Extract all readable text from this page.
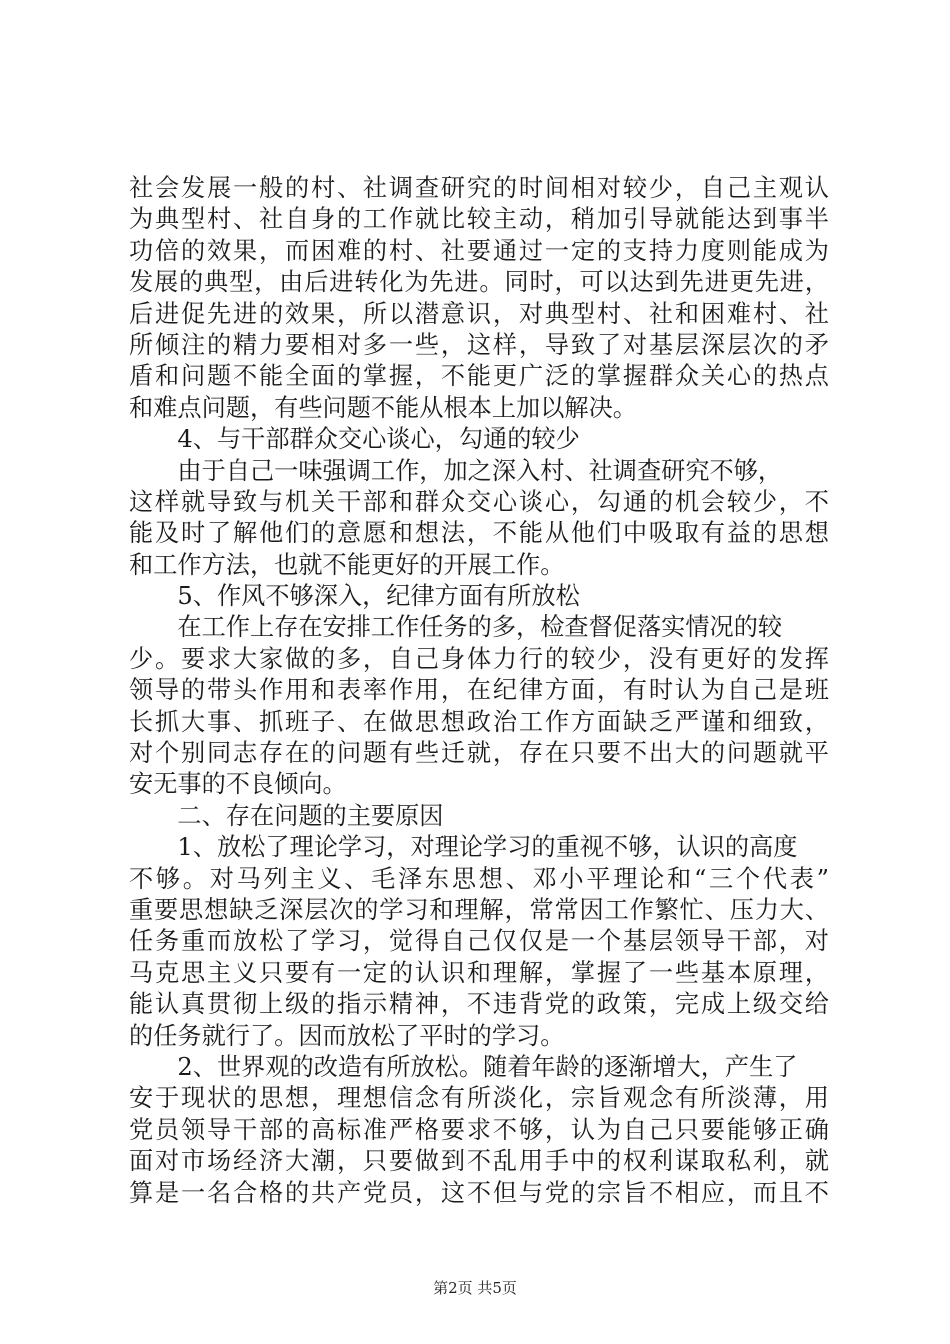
社会发展一般的村、社调查研究的时间相对较少，自己主观认
为典型村、社自身的工作就比较主动，稍加引导就能达到事半
功倍的效果，而困难的村、社要通过一定的支持力度则能成为
发展的典型，由后进转化为先进。同时，可以达到先进更先进，
后进促先进的效果，所以潜意识，对典型村、社和困难村、社
所倾注的精力要相对多一些，这样，导致了对基层深层次的矛
盾和问题不能全面的掌握，不能更广泛的掌握群众关心的热点
和难点问题，有些问题不能从根本上加以解决。
　　4、与干部群众交心谈心，勾通的较少
　　由于自己一味强调工作，加之深入村、社调查研究不够，
这样就导致与机关干部和群众交心谈心，勾通的机会较少，不
能及时了解他们的意愿和想法，不能从他们中吸取有益的思想
和工作方法，也就不能更好的开展工作。
　　5、作风不够深入，纪律方面有所放松
　　在工作上存在安排工作任务的多，检查督促落实情况的较
少。要求大家做的多，自己身体力行的较少，没有更好的发挥
领导的带头作用和表率作用，在纪律方面，有时认为自己是班
长抓大事、抓班子、在做思想政治工作方面缺乏严谨和细致，
对个别同志存在的问题有些迁就，存在只要不出大的问题就平
安无事的不良倾向。
　　二、存在问题的主要原因
　　1、放松了理论学习，对理论学习的重视不够，认识的高度
不够。对马列主义、毛泽东思想、邓小平理论和“三个代表”
重要思想缺乏深层次的学习和理解，常常因工作繁忙、压力大、
任务重而放松了学习，觉得自己仅仅是一个基层领导干部，对
马克思主义只要有一定的认识和理解，掌握了一些基本原理，
能认真贯彻上级的指示精神，不违背党的政策，完成上级交给
的任务就行了。因而放松了平时的学习。
　　2、世界观的改造有所放松。随着年龄的逐渐增大，产生了
安于现状的思想，理想信念有所淡化，宗旨观念有所淡薄，用
党员领导干部的高标准严格要求不够，认为自己只要能够正确
面对市场经济大潮，只要做到不乱用手中的权利谋取私利，就
算是一名合格的共产党员，这不但与党的宗旨不相应，而且不
第2页 共5页
